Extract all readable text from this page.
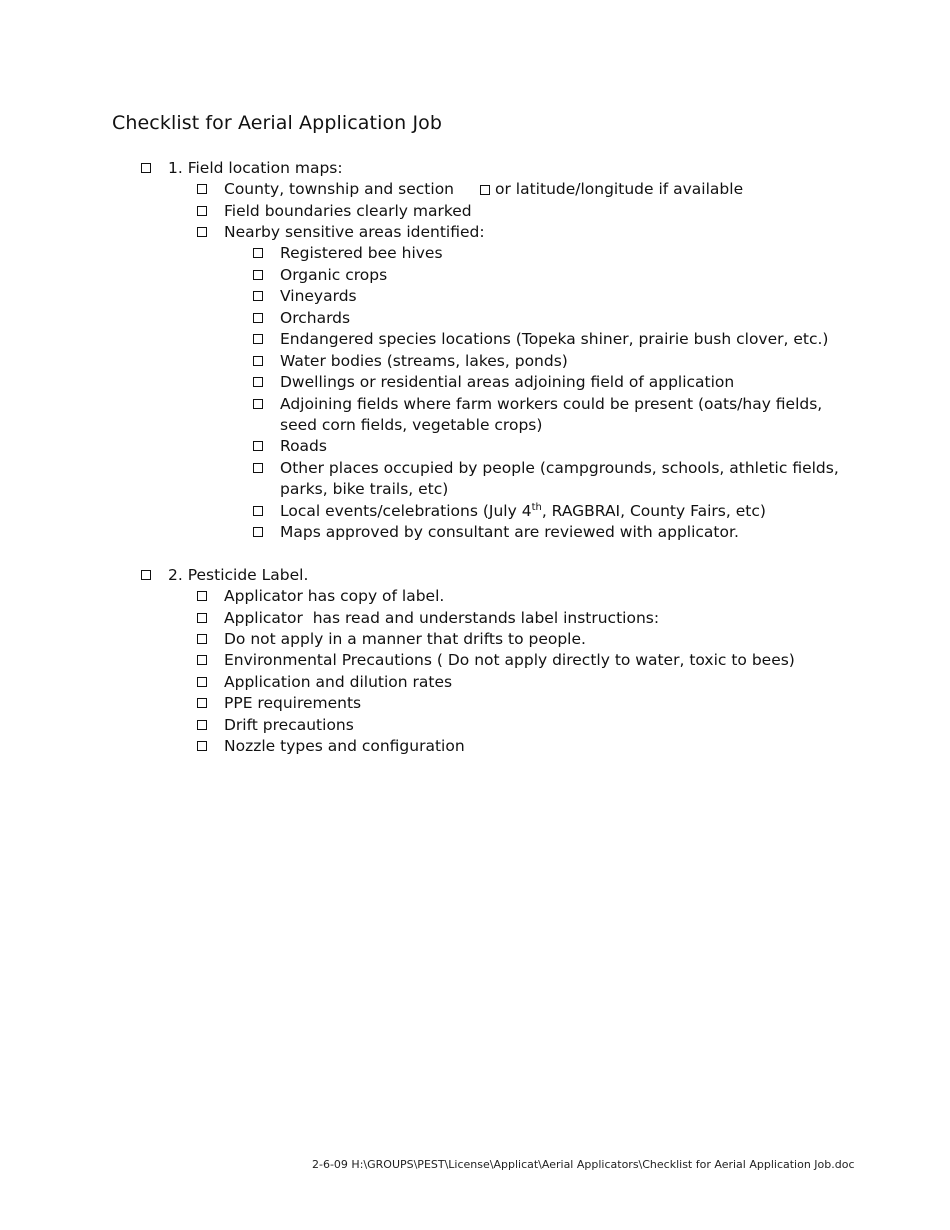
Checklist for Aerial Application Job
1. Field location maps:
County, township and section	or latitude/longitude if available
Field boundaries clearly marked
Nearby sensitive areas identified:
Registered bee hives
Organic crops
Vineyards
Orchards
Endangered species locations (Topeka shiner, prairie bush clover, etc.)
Water bodies (streams, lakes, ponds)
Dwellings or residential areas adjoining field of application
Adjoining fields where farm workers could be present (oats/hay fields,
seed corn fields, vegetable crops)
Roads
Other places occupied by people (campgrounds, schools, athletic fields,
parks, bike trails, etc)
Local events/celebrations (July 4th, RAGBRAI, County Fairs, etc)
Maps approved by consultant are reviewed with applicator.
2. Pesticide Label.
Applicator has copy of label.
Applicator  has read and understands label instructions:
Do not apply in a manner that drifts to people.
Environmental Precautions ( Do not apply directly to water, toxic to bees)
Application and dilution rates
PPE requirements
Drift precautions
Nozzle types and configuration
2-6-09 H:\GROUPS\PEST\License\Applicat\Aerial Applicators\Checklist for Aerial Application Job.doc
